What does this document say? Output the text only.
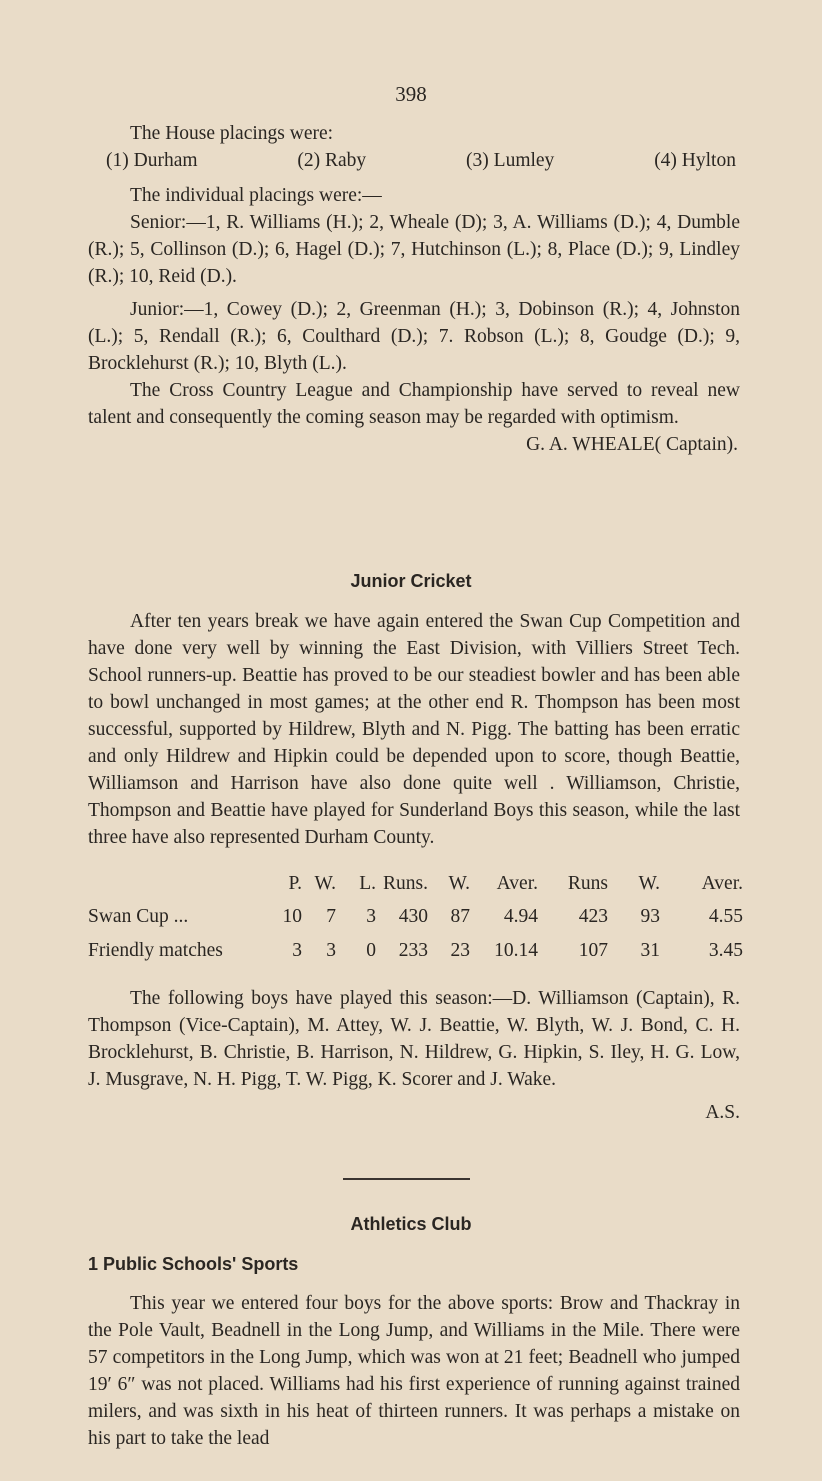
398

The House placings were:

(1) Durham	(2) Raby	(3) Lumley	(4) Hylton

The individual placings were:—

Senior:—1, R. Williams (H.); 2, Wheale (D); 3, A. Williams (D.); 4, Dumble (R.); 5, Collinson (D.); 6, Hagel (D.); 7, Hutchinson (L.); 8, Place (D.); 9, Lindley (R.); 10, Reid (D.).

Junior:—1, Cowey (D.); 2, Greenman (H.); 3, Dobinson (R.); 4, Johnston (L.); 5, Rendall (R.); 6, Coulthard (D.); 7. Robson (L.); 8, Goudge (D.); 9, Brocklehurst (R.); 10, Blyth (L.).

The Cross Country League and Championship have served to reveal new talent and consequently the coming season may be regarded with optimism.

G. A. WHEALE( Captain).

Junior Cricket

After ten years break we have again entered the Swan Cup Competition and have done very well by winning the East Division, with Villiers Street Tech. School runners-up. Beattie has proved to be our steadiest bowler and has been able to bowl unchanged in most games; at the other end R. Thompson has been most successful, supported by Hildrew, Blyth and N. Pigg. The batting has been erratic and only Hildrew and Hipkin could be depended upon to score, though Beattie, Williamson and Harrison have also done quite well . Williamson, Christie, Thompson and Beattie have played for Sunderland Boys this season, while the last three have also represented Durham County.

	P.	W.	L.	Runs.	W.	Aver.	Runs	W.	Aver.
Swan Cup ...	10	7	3	430	87	4.94	423	93	4.55
Friendly matches	3	3	0	233	23	10.14	107	31	3.45

The following boys have played this season:—D. Williamson (Captain), R. Thompson (Vice-Captain), M. Attey, W. J. Beattie, W. Blyth, W. J. Bond, C. H. Brocklehurst, B. Christie, B. Harrison, N. Hildrew, G. Hipkin, S. Iley, H. G. Low, J. Musgrave, N. H. Pigg, T. W. Pigg, K. Scorer and J. Wake.

A.S.

Athletics Club
1 Public Schools' Sports

This year we entered four boys for the above sports: Brow and Thackray in the Pole Vault, Beadnell in the Long Jump, and Williams in the Mile. There were 57 competitors in the Long Jump, which was won at 21 feet; Beadnell who jumped 19′ 6″ was not placed. Williams had his first experience of running against trained milers, and was sixth in his heat of thirteen runners. It was perhaps a mistake on his part to take the lead
